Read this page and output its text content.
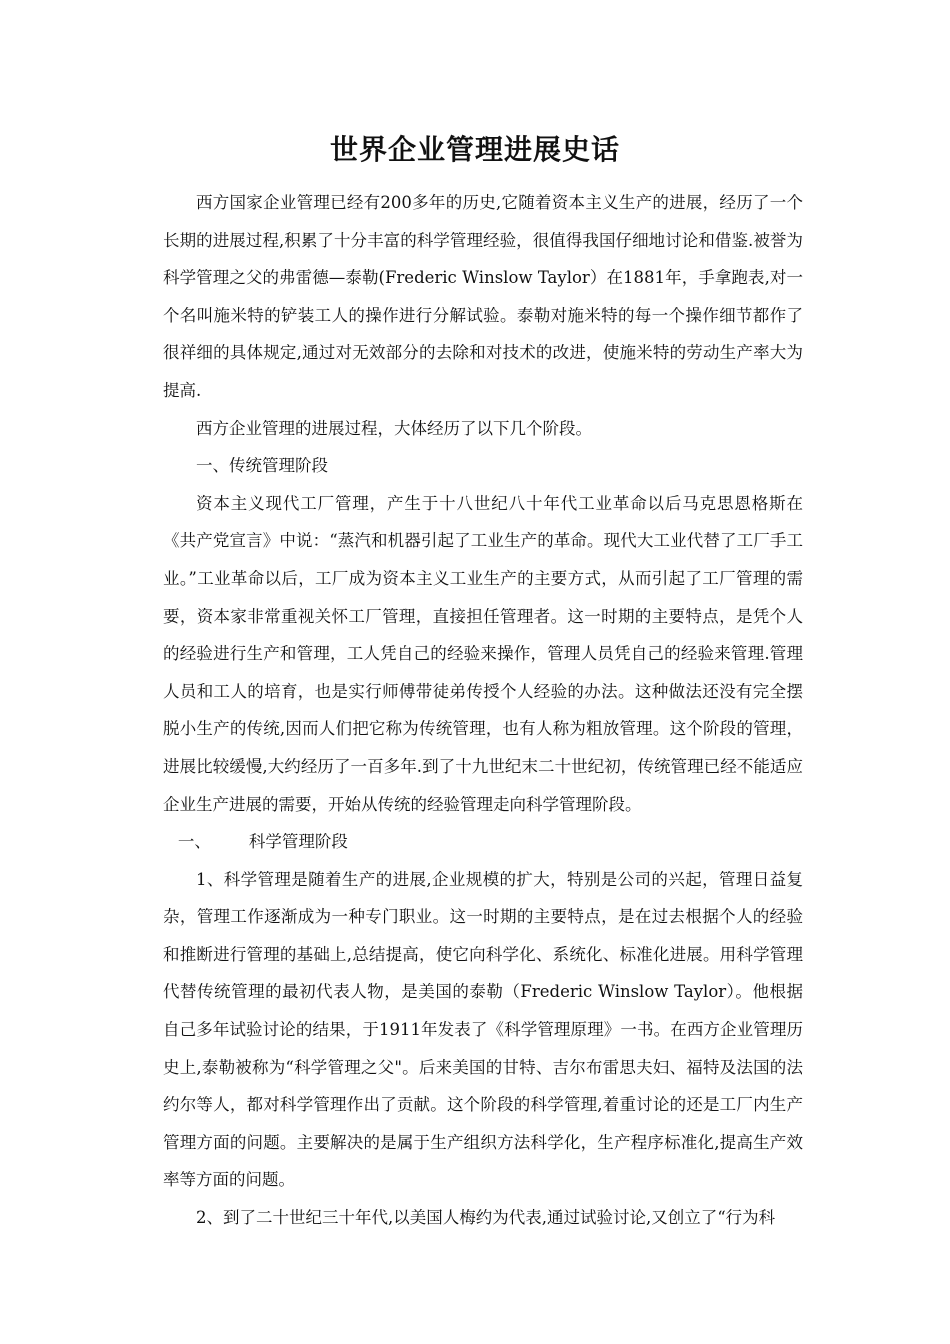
世界企业管理进展史话

西方国家企业管理已经有200多年的历史,它随着资本主义生产的进展，经历了一个长期的进展过程,积累了十分丰富的科学管理经验，很值得我国仔细地讨论和借鉴.被誉为科学管理之父的弗雷德—泰勒(Frederic Winslow Taylor）在1881年，手拿跑表,对一个名叫施米特的铲装工人的操作进行分解试验。泰勒对施米特的每一个操作细节都作了很祥细的具体规定,通过对无效部分的去除和对技术的改进，使施米特的劳动生产率大为提高.

西方企业管理的进展过程，大体经历了以下几个阶段。

一、传统管理阶段

资本主义现代工厂管理，产生于十八世纪八十年代工业革命以后马克思恩格斯在《共产党宣言》中说：“蒸汽和机器引起了工业生产的革命。现代大工业代替了工厂手工业。”工业革命以后，工厂成为资本主义工业生产的主要方式，从而引起了工厂管理的需要，资本家非常重视关怀工厂管理，直接担任管理者。这一时期的主要特点，是凭个人的经验进行生产和管理，工人凭自己的经验来操作，管理人员凭自己的经验来管理.管理人员和工人的培育，也是实行师傅带徒弟传授个人经验的办法。这种做法还没有完全摆脱小生产的传统,因而人们把它称为传统管理，也有人称为粗放管理。这个阶段的管理，进展比较缓慢,大约经历了一百多年.到了十九世纪末二十世纪初，传统管理已经不能适应企业生产进展的需要，开始从传统的经验管理走向科学管理阶段。

一、 科学管理阶段

1、科学管理是随着生产的进展,企业规模的扩大，特别是公司的兴起，管理日益复杂，管理工作逐渐成为一种专门职业。这一时期的主要特点，是在过去根据个人的经验和推断进行管理的基础上,总结提高，使它向科学化、系统化、标准化进展。用科学管理代替传统管理的最初代表人物，是美国的泰勒（Frederic Winslow Taylor）。他根据自己多年试验讨论的结果，于1911年发表了《科学管理原理》一书。在西方企业管理历史上,泰勒被称为“科学管理之父"。后来美国的甘特、吉尔布雷思夫妇、福特及法国的法约尔等人，都对科学管理作出了贡献。这个阶段的科学管理,着重讨论的还是工厂内生产管理方面的问题。主要解决的是属于生产组织方法科学化，生产程序标准化,提高生产效率等方面的问题。

2、到了二十世纪三十年代,以美国人梅约为代表,通过试验讨论,又创立了“行为科
